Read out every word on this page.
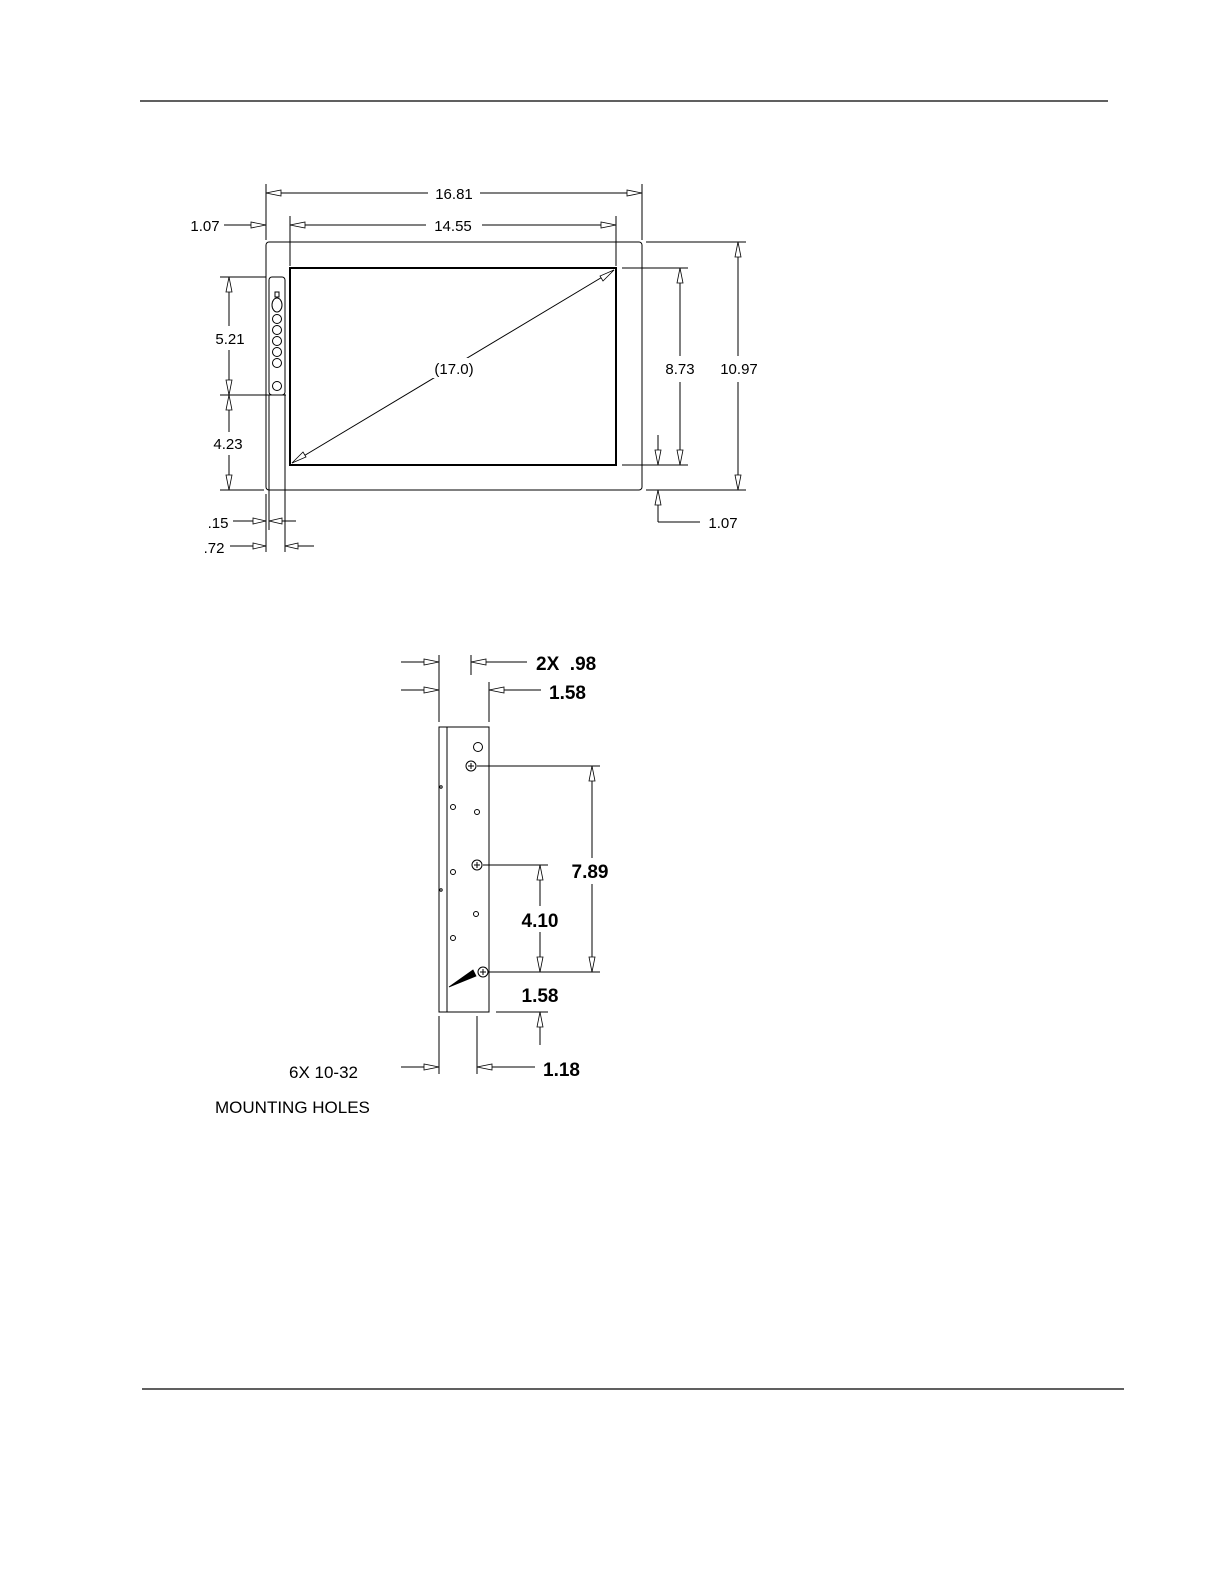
16.81
14.55
1.07
(17.0)	8.73 10.97
5.21
4.23
1.07
.15
.72
2X  .98
1.58
7.89
4.10
1.58
1.18
6X 10-32
MOUNTING HOLES
